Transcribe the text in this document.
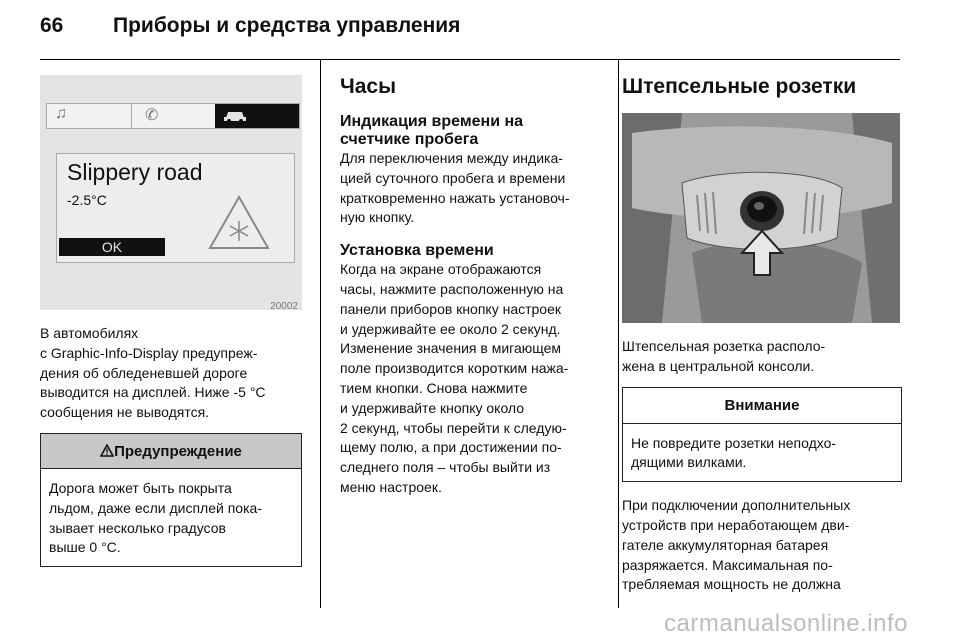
66 Приборы и средства управления
♫	✆
Slippery road
-2.5°C
OK
20002

В автомобилях

с Graphic-Info-Display предупреж-

дения об обледеневшей дороге

выводится на дисплей. Ниже -5 °C

сообщения не выводятся.

Предупреждение

Дорога может быть покрыта

льдом, даже если дисплей пока-

зывает несколько градусов

выше 0 °C.

Часы
Индикация времени на
счетчике пробега

Для переключения между индика-

цией суточного пробега и времени

кратковременно нажать установоч-

ную кнопку.

Установка времени

Когда на экране отображаются

часы, нажмите расположенную на

панели приборов кнопку настроек

и удерживайте ее около 2 секунд.

Изменение значения в мигающем

поле производится коротким нажа-

тием кнопки. Снова нажмите

и удерживайте кнопку около

2 секунд, чтобы перейти к следую-

щему полю, а при достижении по-

следнего поля – чтобы выйти из

меню настроек.

Штепсельные розетки

Штепсельная розетка располо-

жена в центральной консоли.

Внимание

Не повредите розетки неподхо-

дящими вилками.

При подключении дополнительных

устройств при неработающем дви-

гателе аккумуляторная батарея

разряжается. Максимальная по-

требляемая мощность не должна

carmanualsonline.info
